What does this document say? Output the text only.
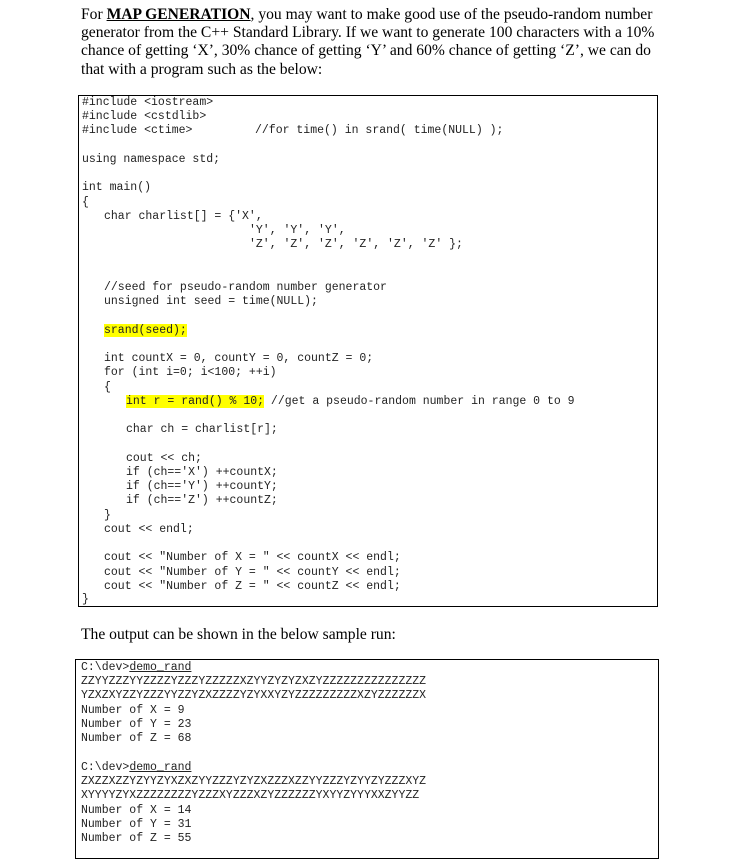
For MAP GENERATION, you may want to make good use of the pseudo-random number
generator from the C++ Standard Library. If we want to generate 100 characters with a 10%
chance of getting ‘X’, 30% chance of getting ‘Y’ and 60% chance of getting ‘Z’, we can do
that with a program such as the below:
#include <iostream>
#include <cstdlib>
#include <ctime>	//for time() in srand( time(NULL) );
using namespace std;
int main()
{
char charlist[] = {'X',
'Y', 'Y', 'Y',
'Z', 'Z', 'Z', 'Z', 'Z', 'Z' };
//seed for pseudo-random number generator
unsigned int seed = time(NULL);
srand(seed);
int countX = 0, countY = 0, countZ = 0;
for (int i=0; i<100; ++i)
{
int r = rand() % 10; //get a pseudo-random number in range 0 to 9
char ch = charlist[r];
cout << ch;
if (ch=='X') ++countX;
if (ch=='Y') ++countY;
if (ch=='Z') ++countZ;
}
cout << endl;
cout << "Number of X = " << countX << endl;
cout << "Number of Y = " << countY << endl;
cout << "Number of Z = " << countZ << endl;
}
The output can be shown in the below sample run:
C:\dev>demo_rand
ZZYYZZZYYZZZZYZZZYZZZZZXZYYZYZYZXZYZZZZZZZZZZZZZZZ
YZXZXYZZYZZZYYZZYZXZZZZYZYXXYZYZZZZZZZZZXZYZZZZZZX
Number of X = 9
Number of Y = 23
Number of Z = 68
C:\dev>demo_rand
ZXZZXZZYZYYZYXZXZYYZZZYZYZXZZZXZZYYZZZYZYYZYZZZXYZ
XYYYYZYXZZZZZZZZYZZZXYZZZXZYZZZZZZYXYYZYYYXXZYYZZ
Number of X = 14
Number of Y = 31
Number of Z = 55
